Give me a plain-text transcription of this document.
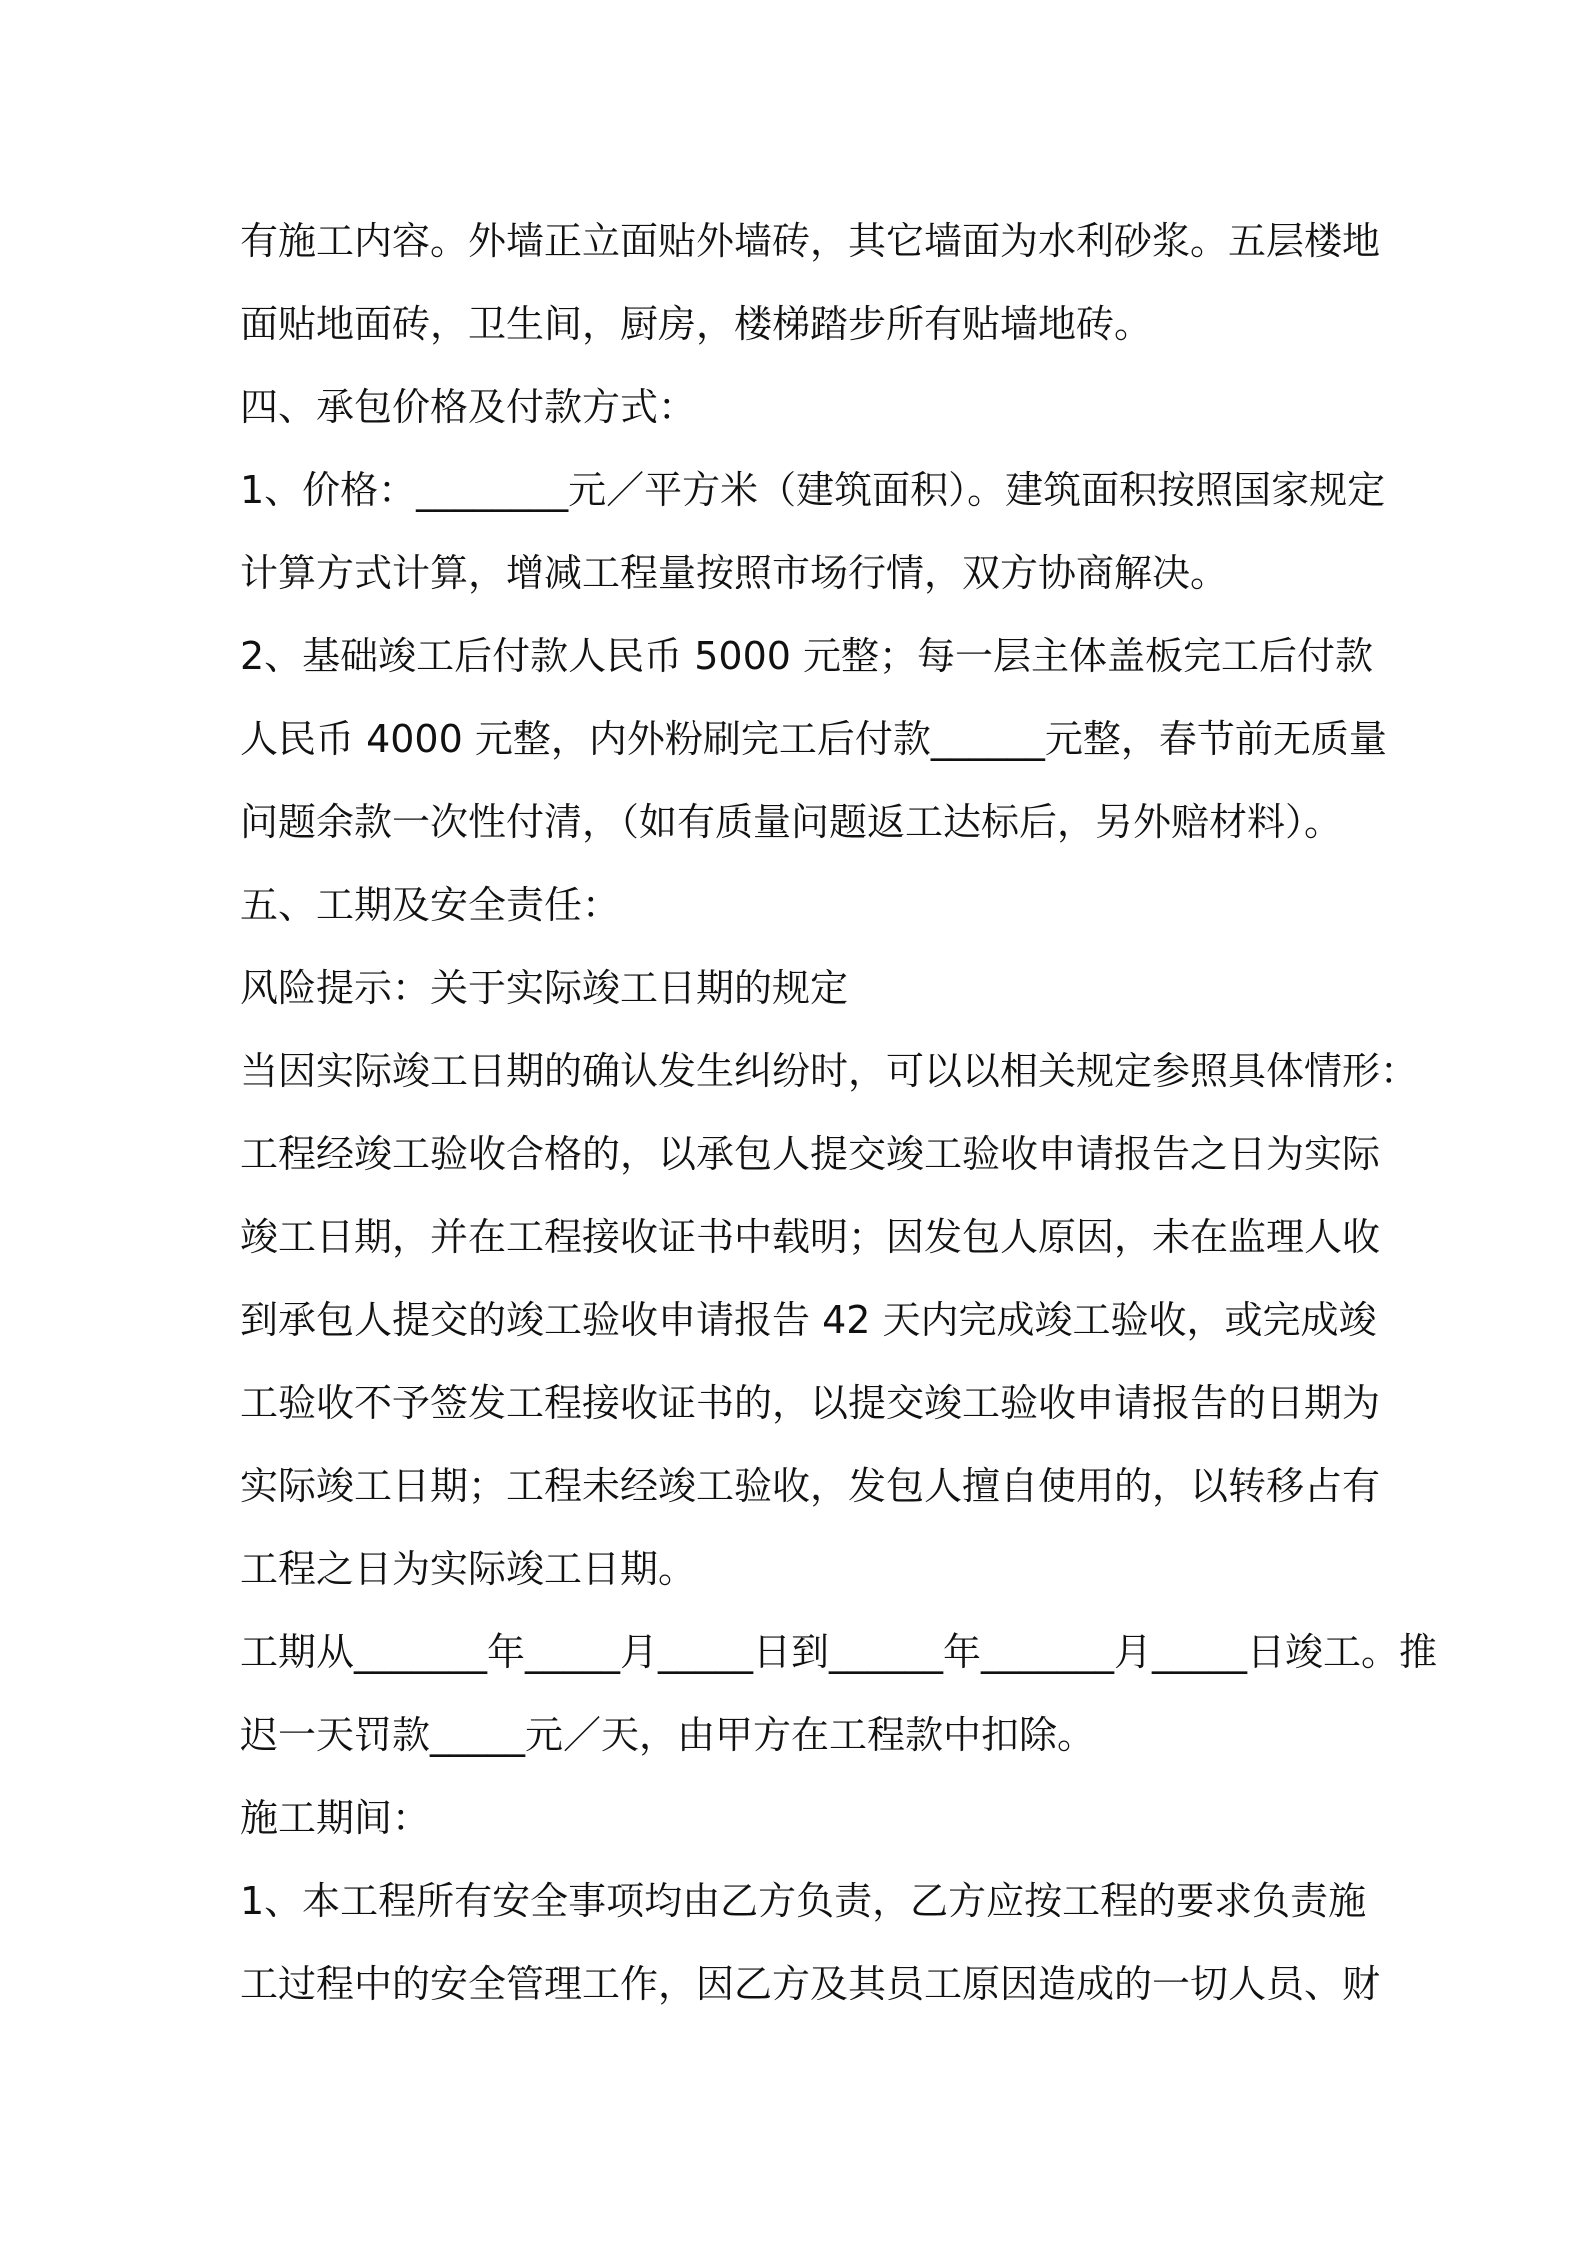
有施工内容。外墙正立面贴外墙砖，其它墙面为水利砂浆。五层楼地
面贴地面砖，卫生间，厨房，楼梯踏步所有贴墙地砖。
四、承包价格及付款方式：
1、价格：________元／平方米（建筑面积）。建筑面积按照国家规定
计算方式计算，增减工程量按照市场行情，双方协商解决。
2、基础竣工后付款人民币 5000 元整；每一层主体盖板完工后付款
人民币 4000 元整，内外粉刷完工后付款______元整，春节前无质量
问题余款一次性付清，（如有质量问题返工达标后，另外赔材料）。
五、工期及安全责任：
风险提示：关于实际竣工日期的规定
当因实际竣工日期的确认发生纠纷时，可以以相关规定参照具体情形：
工程经竣工验收合格的，以承包人提交竣工验收申请报告之日为实际
竣工日期，并在工程接收证书中载明；因发包人原因，未在监理人收
到承包人提交的竣工验收申请报告 42 天内完成竣工验收，或完成竣
工验收不予签发工程接收证书的，以提交竣工验收申请报告的日期为
实际竣工日期；工程未经竣工验收，发包人擅自使用的，以转移占有
工程之日为实际竣工日期。
工期从_______年_____月_____日到______年_______月_____日竣工。推
迟一天罚款_____元／天，由甲方在工程款中扣除。
施工期间：
1、本工程所有安全事项均由乙方负责，乙方应按工程的要求负责施
工过程中的安全管理工作，因乙方及其员工原因造成的一切人员、财
